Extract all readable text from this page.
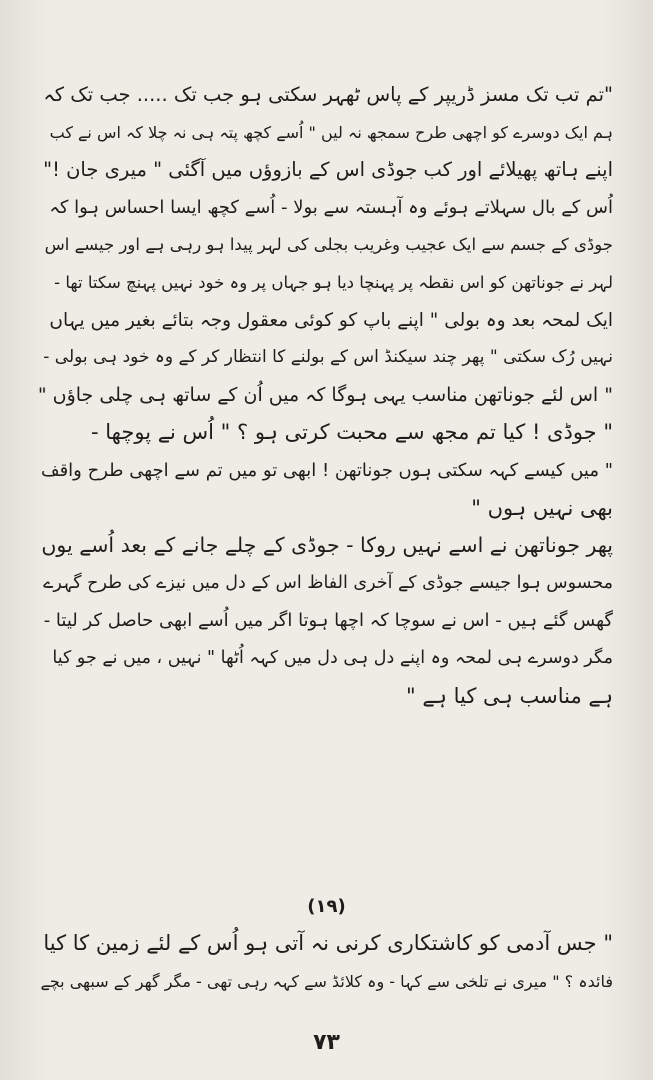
"تم تب تک مسز ڈریپر کے پاس ٹھہر سکتی ہو جب تک ..... جب تک کہ
ہم ایک دوسرے کو اچھی طرح سمجھ نہ لیں " اُسے کچھ پتہ ہی نہ چلا کہ اس نے کب
اپنے ہاتھ پھیلائے اور کب جوڈی اس کے بازوؤں میں آگئی " میری جان !"
اُس کے بال سہلاتے ہوئے وہ آہستہ سے بولا - اُسے کچھ ایسا احساس ہوا کہ
جوڈی کے جسم سے ایک عجیب وغریب بجلی کی لہر پیدا ہو رہی ہے اور جیسے اس
لہر نے جوناتھن کو اس نقطہ پر پہنچا دیا ہو جہاں پر وہ خود نہیں پہنچ سکتا تھا -
ایک لمحہ بعد وہ بولی " اپنے باپ کو کوئی معقول وجہ بتائے بغیر میں یہاں
نہیں رُک سکتی " پھر چند سیکنڈ اس کے بولنے کا انتظار کر کے وہ خود ہی بولی -
" اس لئے جوناتھن مناسب یہی ہوگا کہ میں اُن کے ساتھ ہی چلی جاؤں "
" جوڈی ! کیا تم مجھ سے محبت کرتی ہو ؟ " اُس نے پوچھا -
" میں کیسے کہہ سکتی ہوں جوناتھن ! ابھی تو میں تم سے اچھی طرح واقف
بھی نہیں ہوں "
پھر جوناتھن نے اسے نہیں روکا - جوڈی کے چلے جانے کے بعد اُسے یوں
محسوس ہوا جیسے جوڈی کے آخری الفاظ اس کے دل میں نیزے کی طرح گہرے
گھس گئے ہیں - اس نے سوچا کہ اچھا ہوتا اگر میں اُسے ابھی حاصل کر لیتا -
مگر دوسرے ہی لمحہ وہ اپنے دل ہی دل میں کہہ اُٹھا " نہیں ، میں نے جو کیا
ہے مناسب ہی کیا ہے "
(۱۹)
" جس آدمی کو کاشتکاری کرنی نہ آتی ہو اُس کے لئے زمین کا کیا
فائدہ ؟ " میری نے تلخی سے کہا - وہ کلائڈ سے کہہ رہی تھی - مگر گھر کے سبھی بچے
۷۳
